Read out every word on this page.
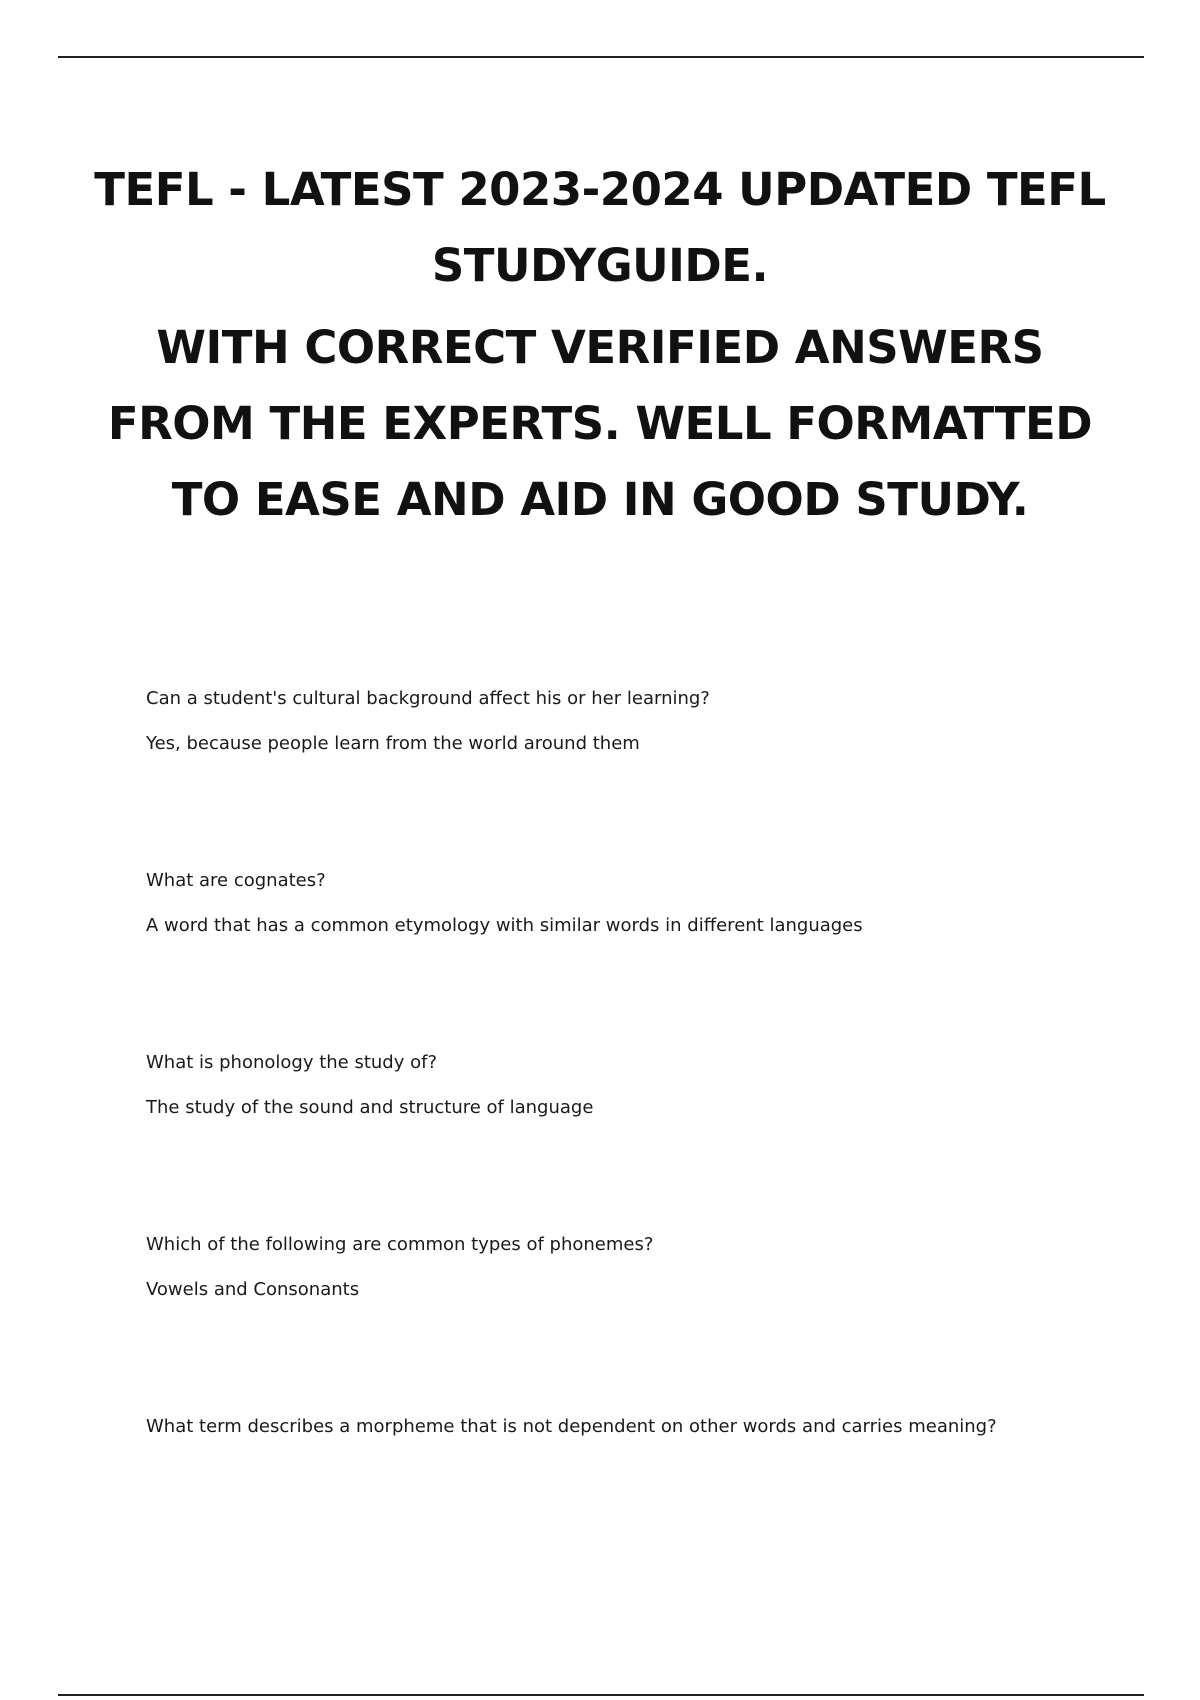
TEFL - LATEST 2023-2024 UPDATED TEFL
STUDYGUIDE.
WITH CORRECT VERIFIED ANSWERS
FROM THE EXPERTS. WELL FORMATTED
TO EASE AND AID IN GOOD STUDY.
Can a student's cultural background affect his or her learning?
Yes, because people learn from the world around them
What are cognates?
A word that has a common etymology with similar words in different languages
What is phonology the study of?
The study of the sound and structure of language
Which of the following are common types of phonemes?
Vowels and Consonants
What term describes a morpheme that is not dependent on other words and carries meaning?
